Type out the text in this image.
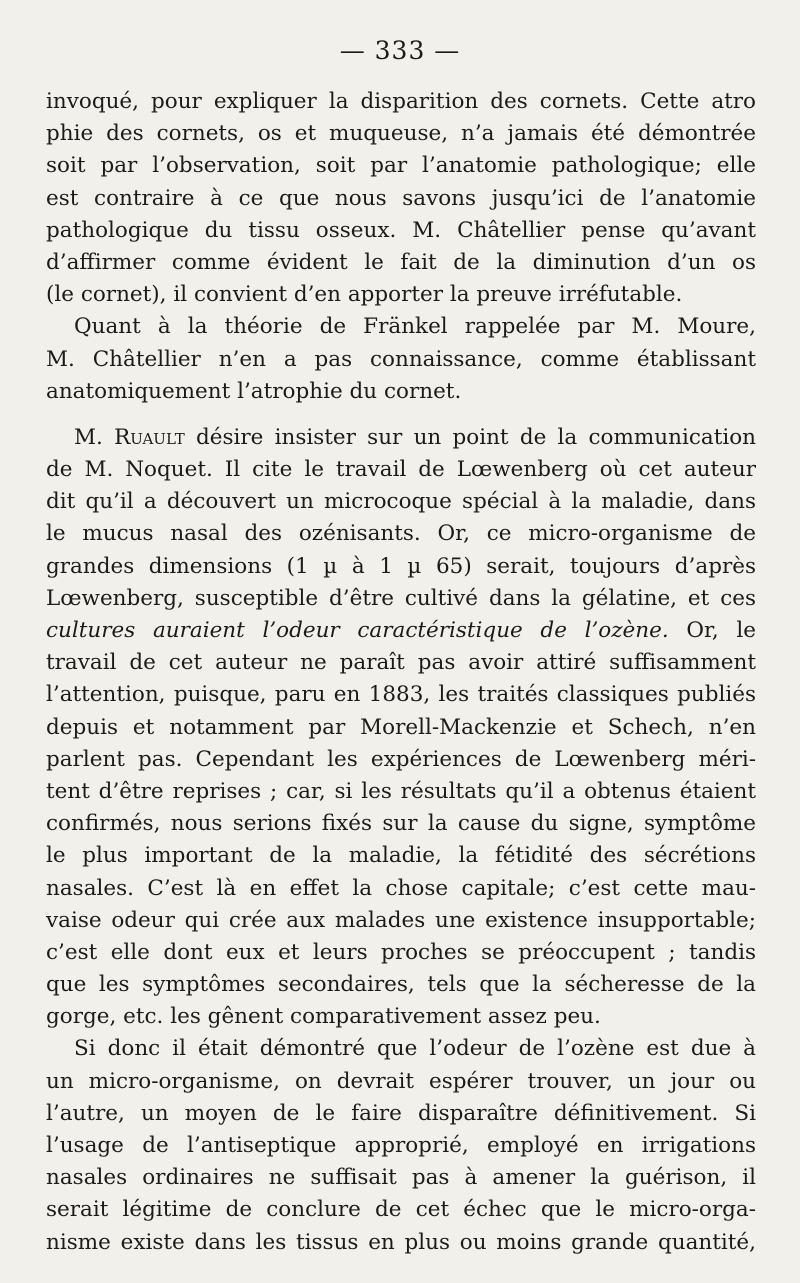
— 333 —
invoqué, pour expliquer la disparition des cornets. Cette atro
phie des cornets, os et muqueuse, n’a jamais été démontrée
soit par l’observation, soit par l’anatomie pathologique; elle
est contraire à ce que nous savons jusqu’ici de l’anatomie
pathologique du tissu osseux. M. Châtellier pense qu’avant
d’affirmer comme évident le fait de la diminution d’un os
(le cornet), il convient d’en apporter la preuve irréfutable.
Quant à la théorie de Fränkel rappelée par M. Moure,
M. Châtellier n’en a pas connaissance, comme établissant
anatomiquement l’atrophie du cornet.
M. Ruault désire insister sur un point de la communication
de M. Noquet. Il cite le travail de Lœwenberg où cet auteur
dit qu’il a découvert un microcoque spécial à la maladie, dans
le mucus nasal des ozénisants. Or, ce micro-organisme de
grandes dimensions (1 µ à 1 µ 65) serait, toujours d’après
Lœwenberg, susceptible d’être cultivé dans la gélatine, et ces
cultures auraient l’odeur caractéristique de l’ozène. Or, le
travail de cet auteur ne paraît pas avoir attiré suffisamment
l’attention, puisque, paru en 1883, les traités classiques publiés
depuis et notamment par Morell-Mackenzie et Schech, n’en
parlent pas. Cependant les expériences de Lœwenberg méri-
tent d’être reprises ; car, si les résultats qu’il a obtenus étaient
confirmés, nous serions fixés sur la cause du signe, symptôme
le plus important de la maladie, la fétidité des sécrétions
nasales. C’est là en effet la chose capitale; c’est cette mau-
vaise odeur qui crée aux malades une existence insupportable;
c’est elle dont eux et leurs proches se préoccupent ; tandis
que les symptômes secondaires, tels que la sécheresse de la
gorge, etc. les gênent comparativement assez peu.
Si donc il était démontré que l’odeur de l’ozène est due à
un micro-organisme, on devrait espérer trouver, un jour ou
l’autre, un moyen de le faire disparaître définitivement. Si
l’usage de l’antiseptique approprié, employé en irrigations
nasales ordinaires ne suffisait pas à amener la guérison, il
serait légitime de conclure de cet échec que le micro-orga-
nisme existe dans les tissus en plus ou moins grande quantité,
